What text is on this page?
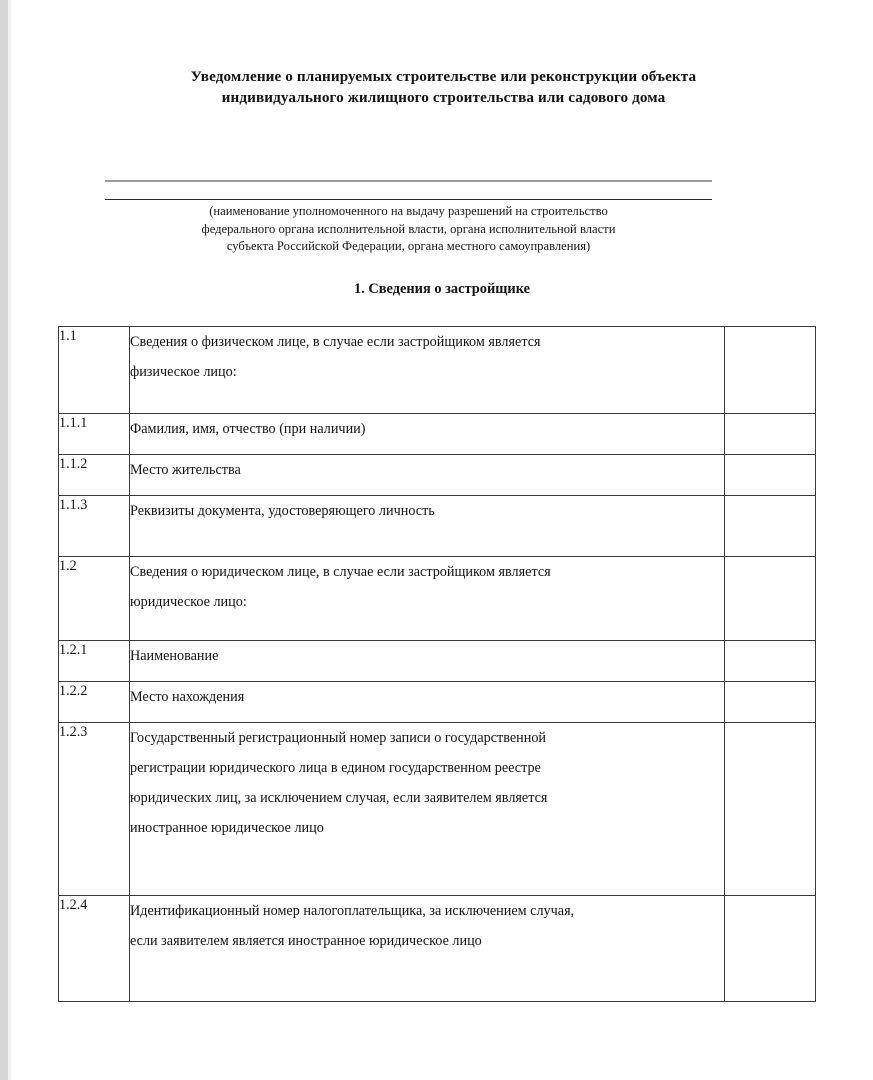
Уведомление о планируемых строительстве или реконструкции объекта
индивидуального жилищного строительства или садового дома
(наименование уполномоченного на выдачу разрешений на строительство
федерального органа исполнительной власти, органа исполнительной власти
субъекта Российской Федерации, органа местного самоуправления)
1. Сведения о застройщике
1.1	Сведения о физическом лице, в случае если застройщиком является
физическое лицо:	

1.1.1	Фамилия, имя, отчество (при наличии)	

1.1.2	Место жительства	

1.1.3	Реквизиты документа, удостоверяющего личность	

1.2	Сведения о юридическом лице, в случае если застройщиком является
юридическое лицо:	

1.2.1	Наименование	

1.2.2	Место нахождения	

1.2.3	Государственный регистрационный номер записи о государственной
регистрации юридического лица в едином государственном реестре
юридических лиц, за исключением случая, если заявителем является
иностранное юридическое лицо	

1.2.4	Идентификационный номер налогоплательщика, за исключением случая,
если заявителем является иностранное юридическое лицо	
